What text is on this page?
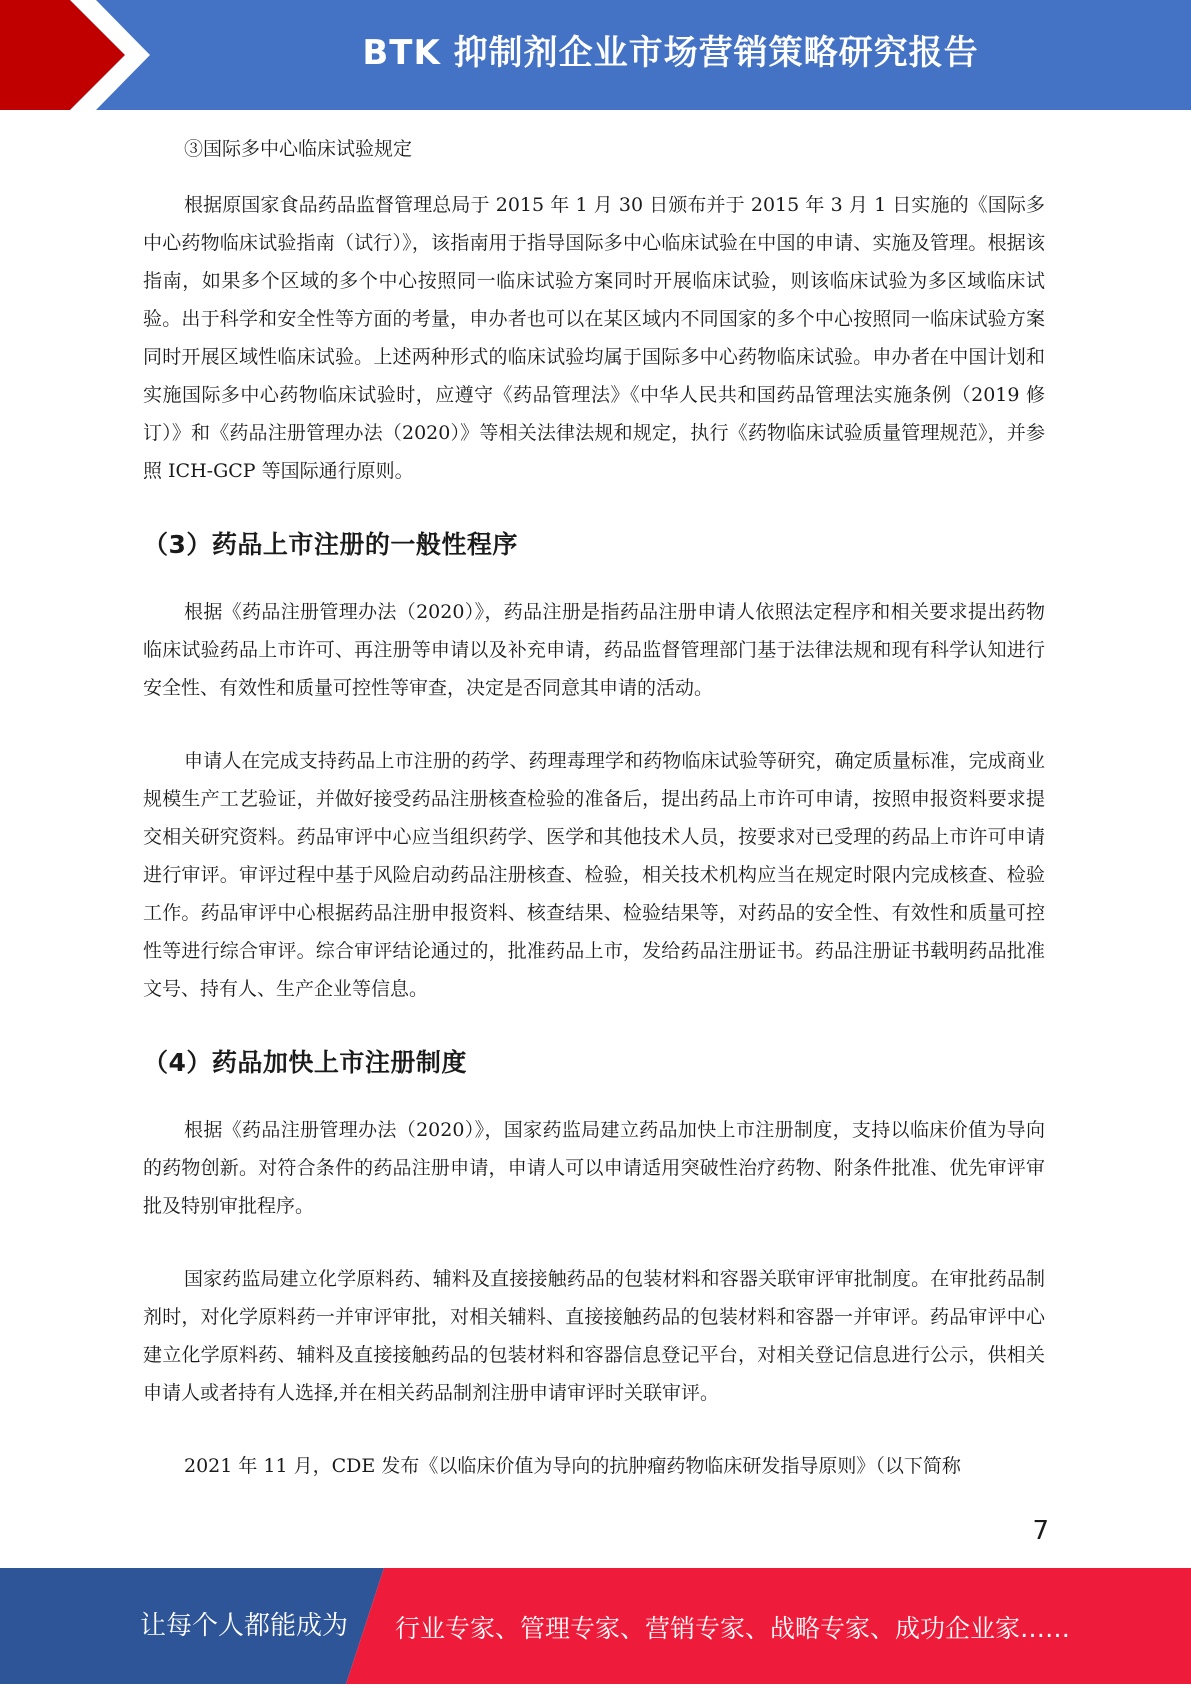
BTK 抑制剂企业市场营销策略研究报告
③国际多中心临床试验规定

根据原国家食品药品监督管理总局于 2015 年 1 月 30 日颁布并于 2015 年 3 月 1 日实施的《国际多中心药物临床试验指南（试行）》，该指南用于指导国际多中心临床试验在中国的申请、实施及管理。根据该指南，如果多个区域的多个中心按照同一临床试验方案同时开展临床试验，则该临床试验为多区域临床试验。出于科学和安全性等方面的考量，申办者也可以在某区域内不同国家的多个中心按照同一临床试验方案同时开展区域性临床试验。上述两种形式的临床试验均属于国际多中心药物临床试验。申办者在中国计划和实施国际多中心药物临床试验时，应遵守《药品管理法》《中华人民共和国药品管理法实施条例（2019 修订）》和《药品注册管理办法（2020）》等相关法律法规和规定，执行《药物临床试验质量管理规范》，并参照 ICH-GCP 等国际通行原则。

（3）药品上市注册的一般性程序

根据《药品注册管理办法（2020）》，药品注册是指药品注册申请人依照法定程序和相关要求提出药物临床试验药品上市许可、再注册等申请以及补充申请，药品监督管理部门基于法律法规和现有科学认知进行安全性、有效性和质量可控性等审查，决定是否同意其申请的活动。

申请人在完成支持药品上市注册的药学、药理毒理学和药物临床试验等研究，确定质量标准，完成商业规模生产工艺验证，并做好接受药品注册核查检验的准备后，提出药品上市许可申请，按照申报资料要求提交相关研究资料。药品审评中心应当组织药学、医学和其他技术人员，按要求对已受理的药品上市许可申请进行审评。审评过程中基于风险启动药品注册核查、检验，相关技术机构应当在规定时限内完成核查、检验工作。药品审评中心根据药品注册申报资料、核查结果、检验结果等，对药品的安全性、有效性和质量可控性等进行综合审评。综合审评结论通过的，批准药品上市，发给药品注册证书。药品注册证书载明药品批准文号、持有人、生产企业等信息。

（4）药品加快上市注册制度

根据《药品注册管理办法（2020）》，国家药监局建立药品加快上市注册制度，支持以临床价值为导向的药物创新。对符合条件的药品注册申请，申请人可以申请适用突破性治疗药物、附条件批准、优先审评审批及特别审批程序。

国家药监局建立化学原料药、辅料及直接接触药品的包装材料和容器关联审评审批制度。在审批药品制剂时，对化学原料药一并审评审批，对相关辅料、直接接触药品的包装材料和容器一并审评。药品审评中心建立化学原料药、辅料及直接接触药品的包装材料和容器信息登记平台，对相关登记信息进行公示，供相关申请人或者持有人选择,并在相关药品制剂注册申请审评时关联审评。

2021 年 11 月，CDE 发布《以临床价值为导向的抗肿瘤药物临床研发指导原则》（以下简称

7
让每个人都能成为 行业专家、管理专家、营销专家、战略专家、成功企业家……
